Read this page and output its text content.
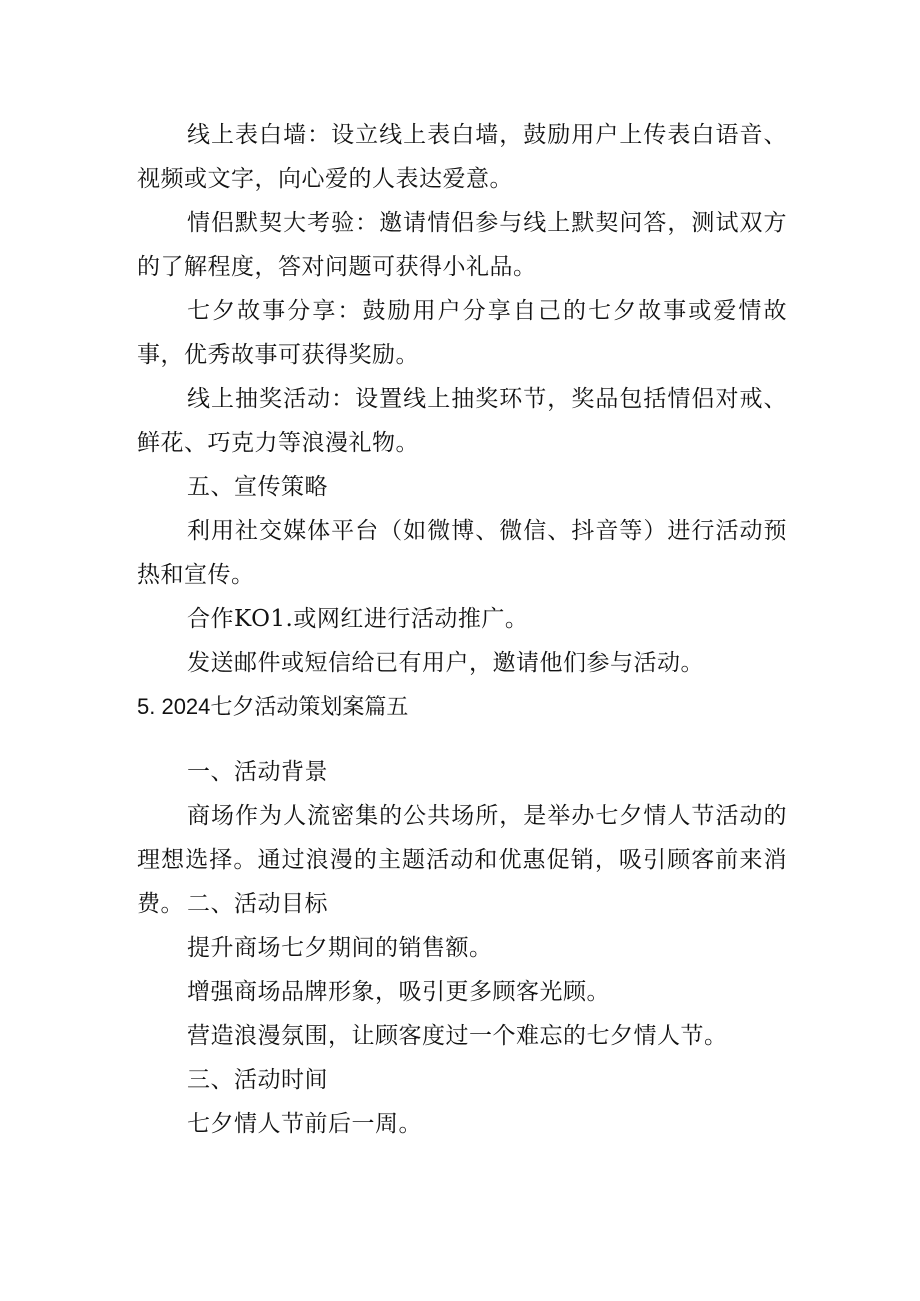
线上表白墙：设立线上表白墙，鼓励用户上传表白语音、视频或文字，向心爱的人表达爱意。

情侣默契大考验：邀请情侣参与线上默契问答，测试双方的了解程度，答对问题可获得小礼品。

七夕故事分享：鼓励用户分享自己的七夕故事或爱情故事，优秀故事可获得奖励。

线上抽奖活动：设置线上抽奖环节，奖品包括情侣对戒、鲜花、巧克力等浪漫礼物。

五、宣传策略

利用社交媒体平台（如微博、微信、抖音等）进行活动预热和宣传。

合作KO1.或网红进行活动推广。

发送邮件或短信给已有用户，邀请他们参与活动。

5. 2024七夕活动策划案篇五

一、活动背景

商场作为人流密集的公共场所，是举办七夕情人节活动的理想选择。通过浪漫的主题活动和优惠促销，吸引顾客前来消费。 二、活动目标

提升商场七夕期间的销售额。

增强商场品牌形象，吸引更多顾客光顾。

营造浪漫氛围，让顾客度过一个难忘的七夕情人节。

三、活动时间

七夕情人节前后一周。
